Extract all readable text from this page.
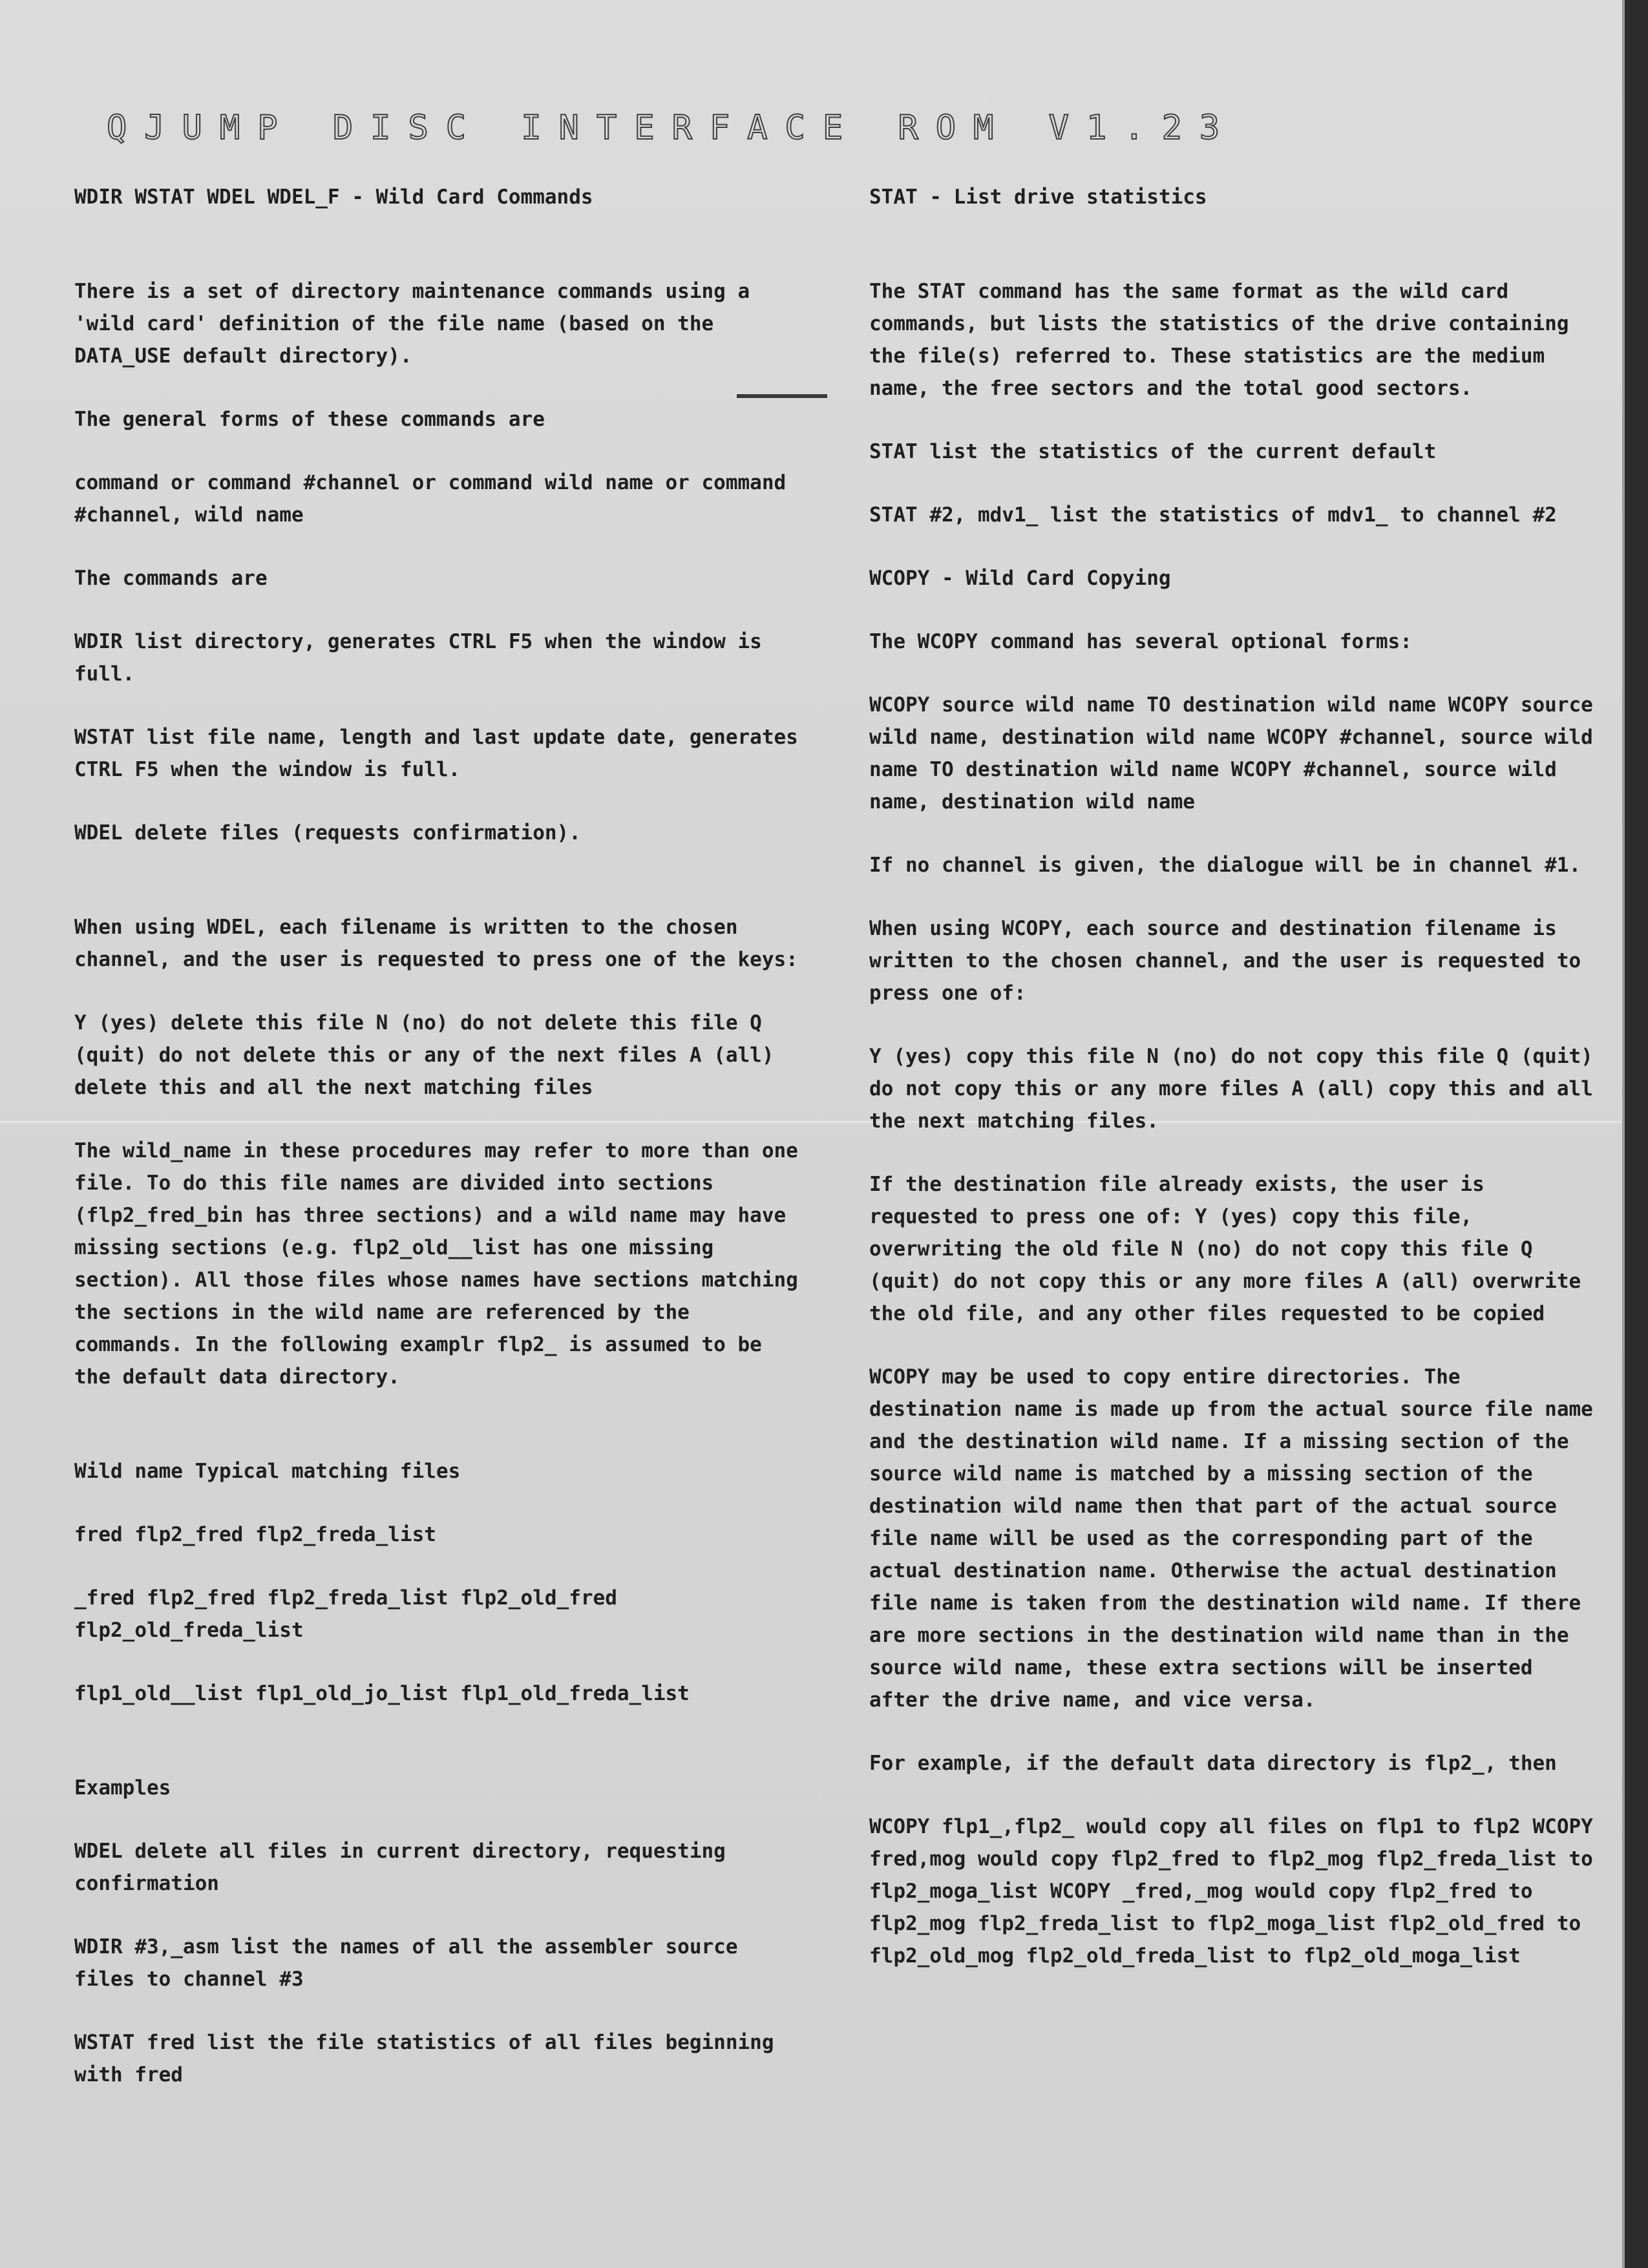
QJUMP DISC INTERFACE ROM V1.23

WDIR WSTAT WDEL WDEL_F - Wild Card Commands

There is a set of directory maintenance commands using a 'wild card' definition of the file name (based on the DATA_USE default directory).

The general forms of these commands are

command or command #channel or command wild name or command #channel, wild name

The commands are

WDIR list directory, generates CTRL F5 when the window is full.

WSTAT list file name, length and last update date, generates CTRL F5 when the window is full.

WDEL delete files (requests confirmation).

When using WDEL, each filename is written to the chosen channel, and the user is requested to press one of the keys:

Y (yes) delete this file N (no) do not delete this file Q (quit) do not delete this or any of the next files A (all) delete this and all the next matching files

The wild_name in these procedures may refer to more than one file. To do this file names are divided into sections (flp2_fred_bin has three sections) and a wild name may have missing sections (e.g. flp2_old__list has one missing section). All those files whose names have sections matching the sections in the wild name are referenced by the commands. In the following examplr flp2_ is assumed to be the default data directory.

Wild name Typical matching files

fred flp2_fred flp2_freda_list

_fred flp2_fred flp2_freda_list flp2_old_fred flp2_old_freda_list

flp1_old__list flp1_old_jo_list flp1_old_freda_list

Examples

WDEL delete all files in current directory, requesting confirmation

WDIR #3,_asm list the names of all the assembler source files to channel #3

WSTAT fred list the file statistics of all files beginning with fred

STAT - List drive statistics

The STAT command has the same format as the wild card commands, but lists the statistics of the drive containing the file(s) referred to. These statistics are the medium name, the free sectors and the total good sectors.

STAT list the statistics of the current default

STAT #2, mdv1_ list the statistics of mdv1_ to channel #2

WCOPY - Wild Card Copying

The WCOPY command has several optional forms:

WCOPY source wild name TO destination wild name WCOPY source wild name, destination wild name WCOPY #channel, source wild name TO destination wild name WCOPY #channel, source wild name, destination wild name

If no channel is given, the dialogue will be in channel #1.

When using WCOPY, each source and destination filename is written to the chosen channel, and the user is requested to press one of:

Y (yes) copy this file N (no) do not copy this file Q (quit) do not copy this or any more files A (all) copy this and all the next matching files.

If the destination file already exists, the user is requested to press one of: Y (yes) copy this file, overwriting the old file N (no) do not copy this file Q (quit) do not copy this or any more files A (all) overwrite the old file, and any other files requested to be copied

WCOPY may be used to copy entire directories. The destination name is made up from the actual source file name and the destination wild name. If a missing section of the source wild name is matched by a missing section of the destination wild name then that part of the actual source file name will be used as the corresponding part of the actual destination name. Otherwise the actual destination file name is taken from the destination wild name. If there are more sections in the destination wild name than in the source wild name, these extra sections will be inserted after the drive name, and vice versa.

For example, if the default data directory is flp2_, then

WCOPY flp1_,flp2_ would copy all files on flp1 to flp2 WCOPY fred,mog would copy flp2_fred to flp2_mog flp2_freda_list to flp2_moga_list WCOPY _fred,_mog would copy flp2_fred to flp2_mog flp2_freda_list to flp2_moga_list flp2_old_fred to flp2_old_mog flp2_old_freda_list to flp2_old_moga_list
